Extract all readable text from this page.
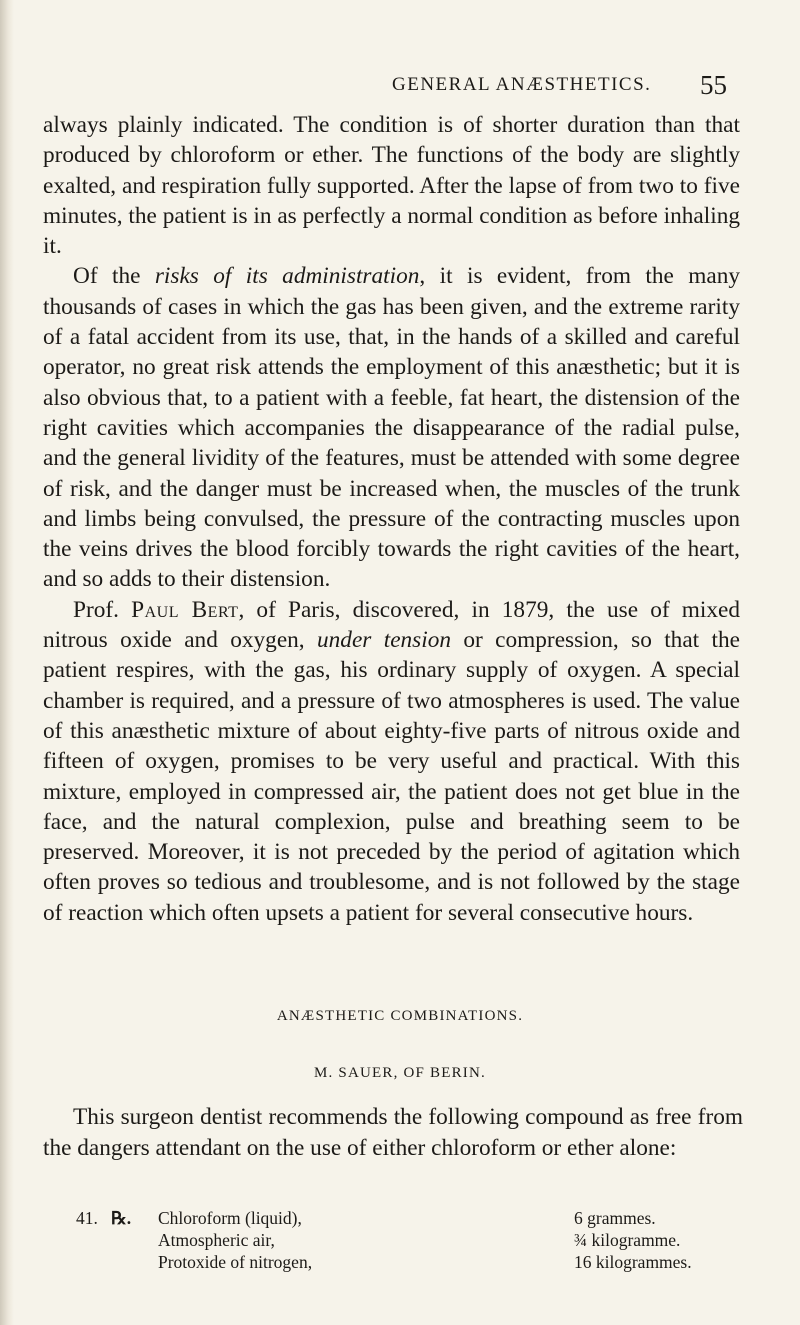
GENERAL ANÆSTHETICS. 55

always plainly indicated. The condition is of shorter duration than that produced by chloroform or ether. The functions of the body are slightly exalted, and respiration fully supported. After the lapse of from two to five minutes, the patient is in as perfectly a normal condition as before inhaling it.

Of the risks of its administration, it is evident, from the many thousands of cases in which the gas has been given, and the extreme rarity of a fatal accident from its use, that, in the hands of a skilled and careful operator, no great risk attends the employment of this anæsthetic; but it is also obvious that, to a patient with a feeble, fat heart, the distension of the right cavities which accompanies the disappearance of the radial pulse, and the general lividity of the features, must be attended with some degree of risk, and the danger must be increased when, the muscles of the trunk and limbs being convulsed, the pressure of the contracting muscles upon the veins drives the blood forcibly towards the right cavities of the heart, and so adds to their distension.

Prof. Paul Bert, of Paris, discovered, in 1879, the use of mixed nitrous oxide and oxygen, under tension or compression, so that the patient respires, with the gas, his ordinary supply of oxygen. A special chamber is required, and a pressure of two atmospheres is used. The value of this anæsthetic mixture of about eighty-five parts of nitrous oxide and fifteen of oxygen, promises to be very useful and practical. With this mixture, employed in compressed air, the patient does not get blue in the face, and the natural complexion, pulse and breathing seem to be preserved. Moreover, it is not preceded by the period of agitation which often proves so tedious and troublesome, and is not followed by the stage of reaction which often upsets a patient for several consecutive hours.

ANÆSTHETIC COMBINATIONS.
M. SAUER, OF BERIN.

This surgeon dentist recommends the following compound as free from the dangers attendant on the use of either chloroform or ether alone:

41. ℞. Chloroform (liquid),	6 grammes.
Atmospheric air,	¾ kilogramme.
Protoxide of nitrogen,	16 kilogrammes.
